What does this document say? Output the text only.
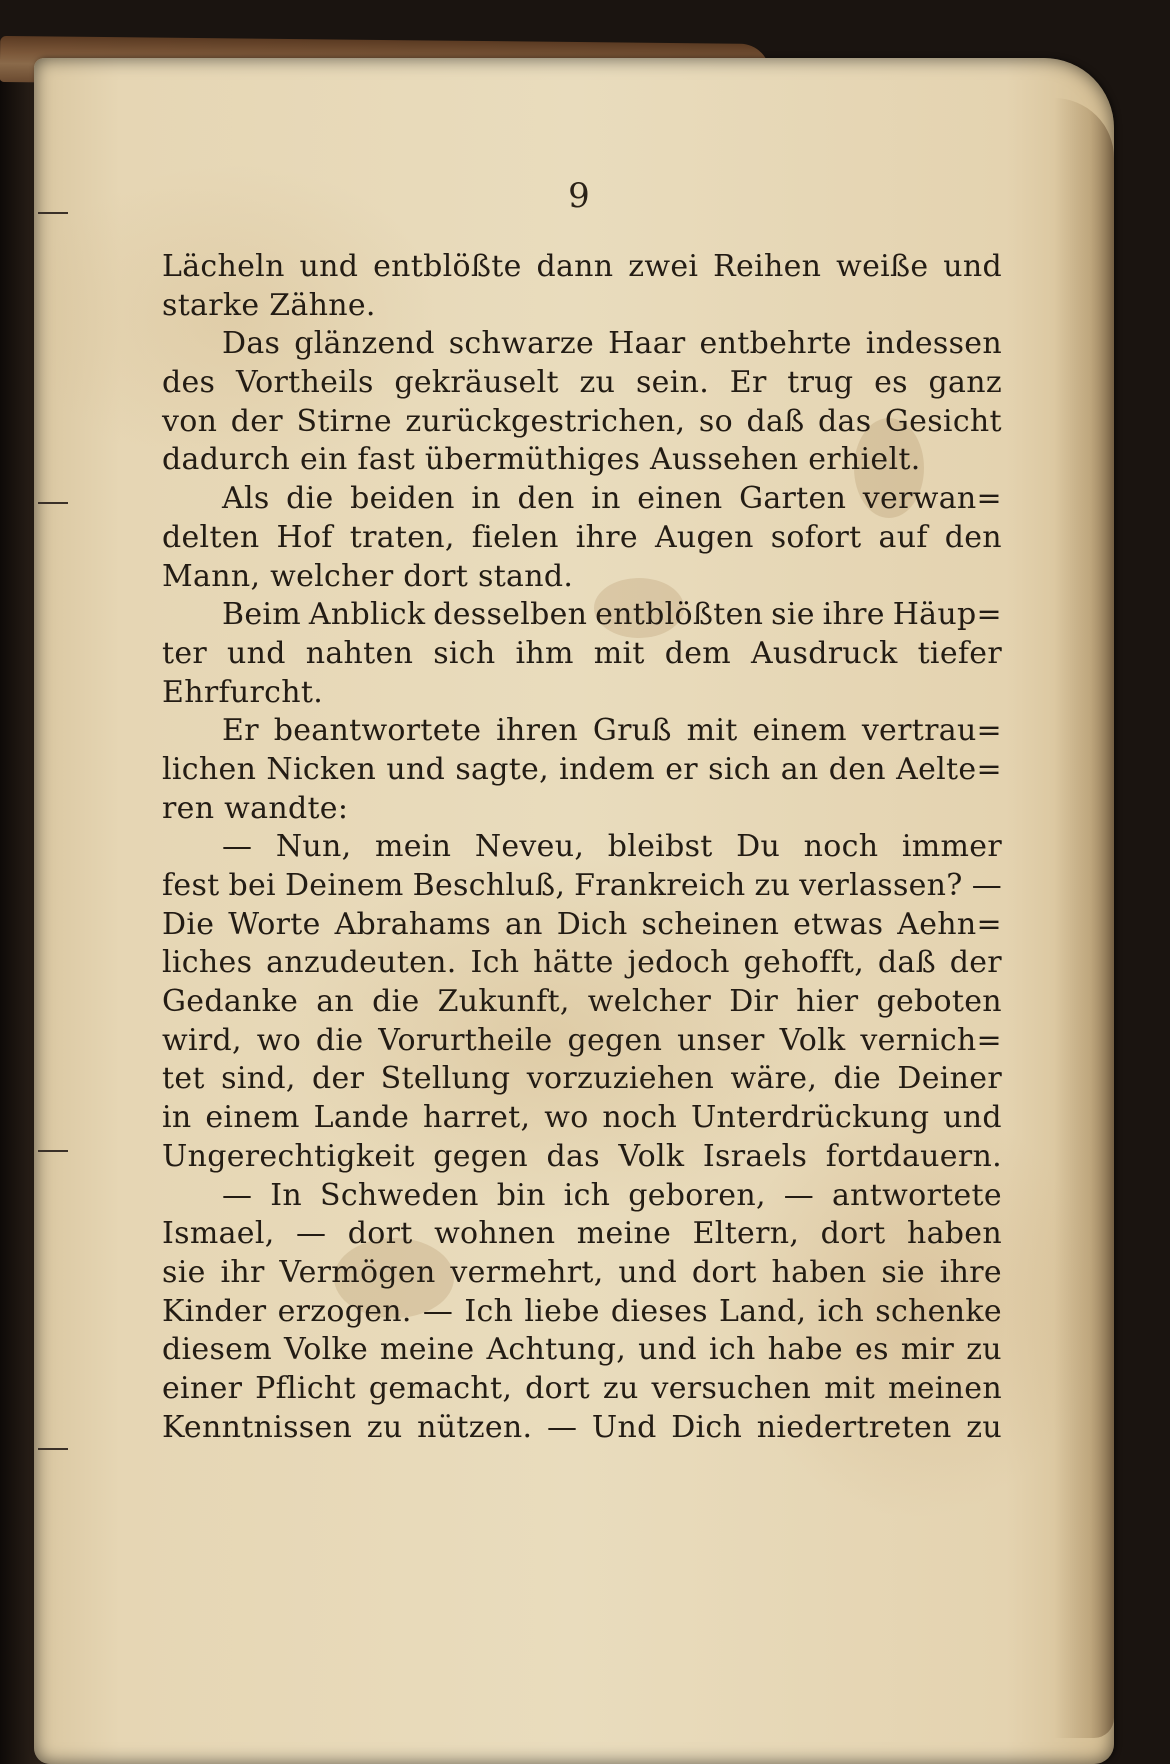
9
Lächeln und entblößte dann zwei Reihen weiße und
starke Zähne.
Das glänzend schwarze Haar entbehrte indessen
des Vortheils gekräuselt zu sein. Er trug es ganz
von der Stirne zurückgestrichen, so daß das Gesicht
dadurch ein fast übermüthiges Aussehen erhielt.
Als die beiden in den in einen Garten verwan=
delten Hof traten, fielen ihre Augen sofort auf den
Mann, welcher dort stand.
Beim Anblick desselben entblößten sie ihre Häup=
ter und nahten sich ihm mit dem Ausdruck tiefer
Ehrfurcht.
Er beantwortete ihren Gruß mit einem vertrau=
lichen Nicken und sagte, indem er sich an den Aelte=
ren wandte:
— Nun, mein Neveu, bleibst Du noch immer
fest bei Deinem Beschluß, Frankreich zu verlassen? —
Die Worte Abrahams an Dich scheinen etwas Aehn=
liches anzudeuten. Ich hätte jedoch gehofft, daß der
Gedanke an die Zukunft, welcher Dir hier geboten
wird, wo die Vorurtheile gegen unser Volk vernich=
tet sind, der Stellung vorzuziehen wäre, die Deiner
in einem Lande harret, wo noch Unterdrückung und
Ungerechtigkeit gegen das Volk Israels fortdauern.
— In Schweden bin ich geboren, — antwortete
Ismael, — dort wohnen meine Eltern, dort haben
sie ihr Vermögen vermehrt, und dort haben sie ihre
Kinder erzogen. — Ich liebe dieses Land, ich schenke
diesem Volke meine Achtung, und ich habe es mir zu
einer Pflicht gemacht, dort zu versuchen mit meinen
Kenntnissen zu nützen. — Und Dich niedertreten zu
